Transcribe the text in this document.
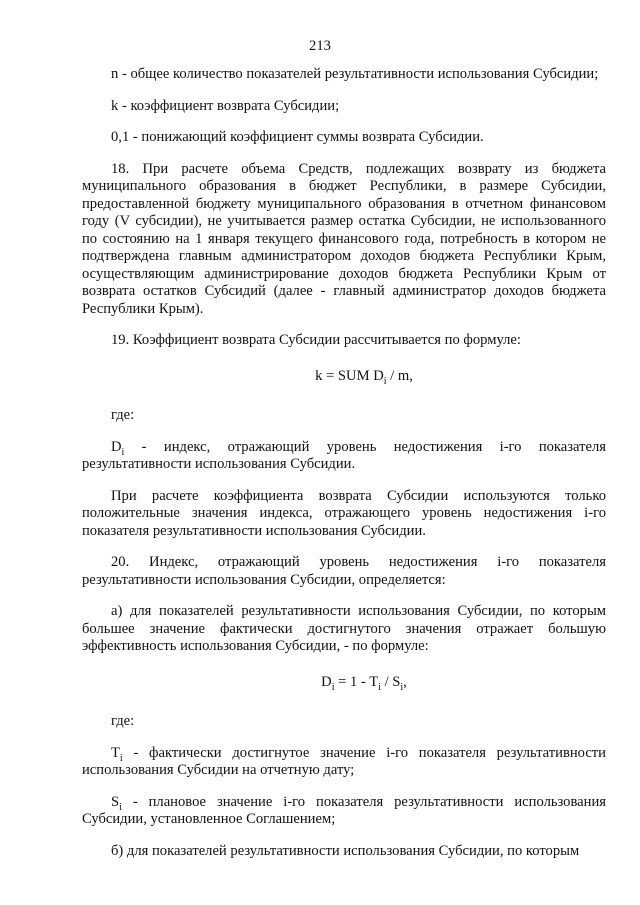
213

n - общее количество показателей результативности использования Субсидии;

k - коэффициент возврата Субсидии;

0,1 - понижающий коэффициент суммы возврата Субсидии.

18. При расчете объема Средств, подлежащих возврату из бюджета муниципального образования в бюджет Республики, в размере Субсидии, предоставленной бюджету муниципального образования в отчетном финансовом году (V субсидии), не учитывается размер остатка Субсидии, не использованного по состоянию на 1 января текущего финансового года, потребность в котором не подтверждена главным администратором доходов бюджета Республики Крым, осуществляющим администрирование доходов бюджета Республики Крым от возврата остатков Субсидий (далее - главный администратор доходов бюджета Республики Крым).

19. Коэффициент возврата Субсидии рассчитывается по формуле:

k = SUM $D_i$ / m,

где:

$D_i$ - индекс, отражающий уровень недостижения i-го показателя результативности использования Субсидии.

При расчете коэффициента возврата Субсидии используются только положительные значения индекса, отражающего уровень недостижения i-го показателя результативности использования Субсидии.

20. Индекс, отражающий уровень недостижения i-го показателя результативности использования Субсидии, определяется:

а) для показателей результативности использования Субсидии, по которым большее значение фактически достигнутого значения отражает большую эффективность использования Субсидии, - по формуле:

$D_i = 1 - T_i / S_i$,

где:

$T_i$ - фактически достигнутое значение i-го показателя результативности использования Субсидии на отчетную дату;

$S_i$ - плановое значение i-го показателя результативности использования Субсидии, установленное Соглашением;

б) для показателей результативности использования Субсидии, по которым
